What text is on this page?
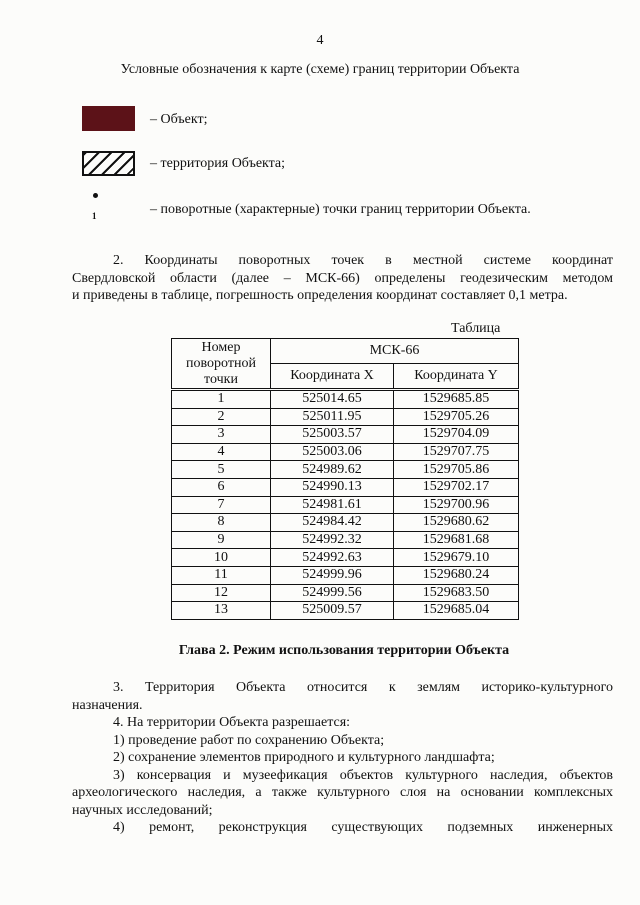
4
Условные обозначения к карте (схеме) границ территории Объекта
– Объект;
– территория Объекта;
1	– поворотные (характерные) точки границ территории Объекта.
2. Координаты поворотных точек в местной системе координат
Свердловской области (далее – МСК-66) определены геодезическим методом
и приведены в таблице, погрешность определения координат составляет 0,1 метра.
Таблица
Номер поворотной точки	МСК-66	
	Координата X	Координата Y
1	525014.65	1529685.85
2	525011.95	1529705.26
3	525003.57	1529704.09
4	525003.06	1529707.75
5	524989.62	1529705.86
6	524990.13	1529702.17
7	524981.61	1529700.96
8	524984.42	1529680.62
9	524992.32	1529681.68
10	524992.63	1529679.10
11	524999.96	1529680.24
12	524999.56	1529683.50
13	525009.57	1529685.04
Глава 2. Режим использования территории Объекта
3. Территория Объекта относится к землям историко-культурного
назначения.
4. На территории Объекта разрешается:
1) проведение работ по сохранению Объекта;
2) сохранение элементов природного и культурного ландшафта;
3) консервация и музеефикация объектов культурного наследия, объектов
археологического наследия, а также культурного слоя на основании комплексных
научных исследований;
4) ремонт, реконструкция существующих подземных инженерных
